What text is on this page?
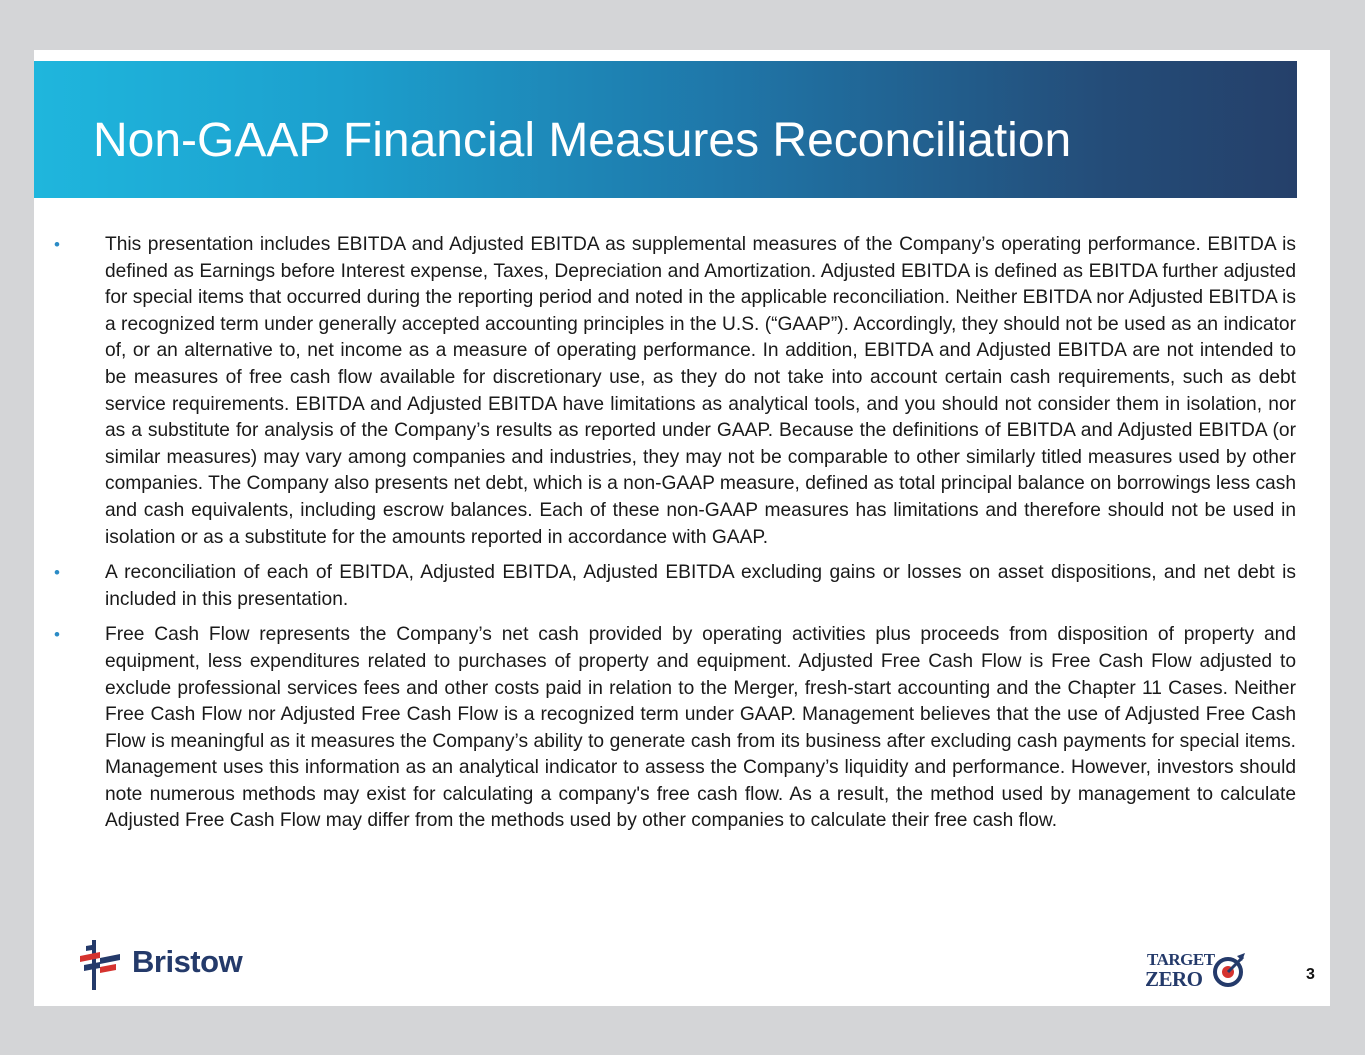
Non-GAAP Financial Measures Reconciliation
• This presentation includes EBITDA and Adjusted EBITDA as supplemental measures of the Company’s operating performance. EBITDA is defined as Earnings before Interest expense, Taxes, Depreciation and Amortization. Adjusted EBITDA is defined as EBITDA further adjusted for special items that occurred during the reporting period and noted in the applicable reconciliation. Neither EBITDA nor Adjusted EBITDA is a recognized term under generally accepted accounting principles in the U.S. (“GAAP”). Accordingly, they should not be used as an indicator of, or an alternative to, net income as a measure of operating performance. In addition, EBITDA and Adjusted EBITDA are not intended to be measures of free cash flow available for discretionary use, as they do not take into account certain cash requirements, such as debt service requirements. EBITDA and Adjusted EBITDA have limitations as analytical tools, and you should not consider them in isolation, nor as a substitute for analysis of the Company’s results as reported under GAAP. Because the definitions of EBITDA and Adjusted EBITDA (or similar measures) may vary among companies and industries, they may not be comparable to other similarly titled measures used by other companies. The Company also presents net debt, which is a non-GAAP measure, defined as total principal balance on borrowings less cash and cash equivalents, including escrow balances. Each of these non-GAAP measures has limitations and therefore should not be used in isolation or as a substitute for the amounts reported in accordance with GAAP.
• A reconciliation of each of EBITDA, Adjusted EBITDA, Adjusted EBITDA excluding gains or losses on asset dispositions, and net debt is included in this presentation.
• Free Cash Flow represents the Company’s net cash provided by operating activities plus proceeds from disposition of property and equipment, less expenditures related to purchases of property and equipment. Adjusted Free Cash Flow is Free Cash Flow adjusted to exclude professional services fees and other costs paid in relation to the Merger, fresh-start accounting and the Chapter 11 Cases. Neither Free Cash Flow nor Adjusted Free Cash Flow is a recognized term under GAAP. Management believes that the use of Adjusted Free Cash Flow is meaningful as it measures the Company’s ability to generate cash from its business after excluding cash payments for special items. Management uses this information as an analytical indicator to assess the Company’s liquidity and performance. However, investors should note numerous methods may exist for calculating a company's free cash flow. As a result, the method used by management to calculate Adjusted Free Cash Flow may differ from the methods used by other companies to calculate their free cash flow.
Bristow	TARGET
ZERO	3
